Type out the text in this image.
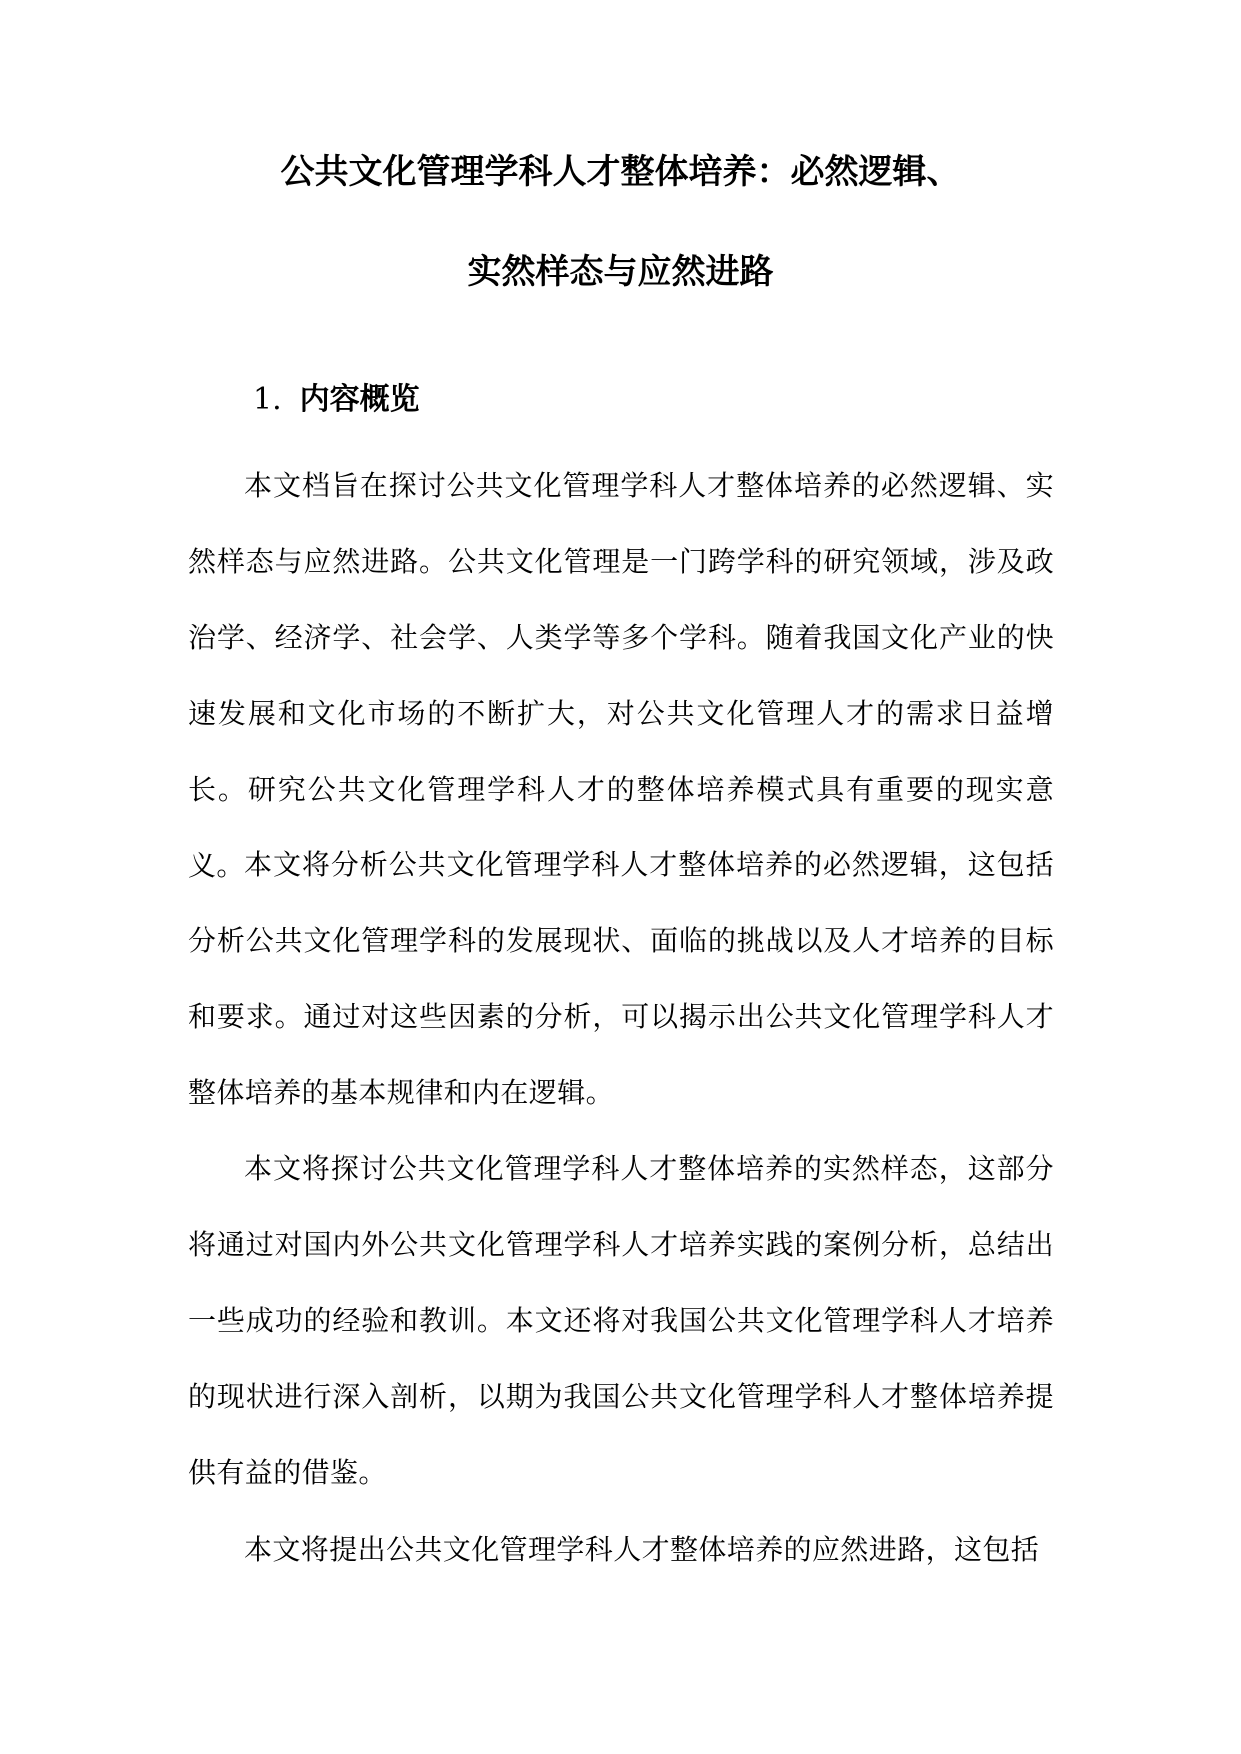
公共文化管理学科人才整体培养：必然逻辑、
实然样态与应然进路
1. 内容概览

本文档旨在探讨公共文化管理学科人才整体培养的必然逻辑、实然样态与应然进路。公共文化管理是一门跨学科的研究领域，涉及政治学、经济学、社会学、人类学等多个学科。随着我国文化产业的快速发展和文化市场的不断扩大，对公共文化管理人才的需求日益增长。研究公共文化管理学科人才的整体培养模式具有重要的现实意义。 本文将分析公共文化管理学科人才整体培养的必然逻辑，这包括分析公共文化管理学科的发展现状、面临的挑战以及人才培养的目标和要求。通过对这些因素的分析，可以揭示出公共文化管理学科人才整体培养的基本规律和内在逻辑。

本文将探讨公共文化管理学科人才整体培养的实然样态，这部分将通过对国内外公共文化管理学科人才培养实践的案例分析，总结出一些成功的经验和教训。本文还将对我国公共文化管理学科人才培养的现状进行深入剖析，以期为我国公共文化管理学科人才整体培养提供有益的借鉴。

本文将提出公共文化管理学科人才整体培养的应然进路，这包括
